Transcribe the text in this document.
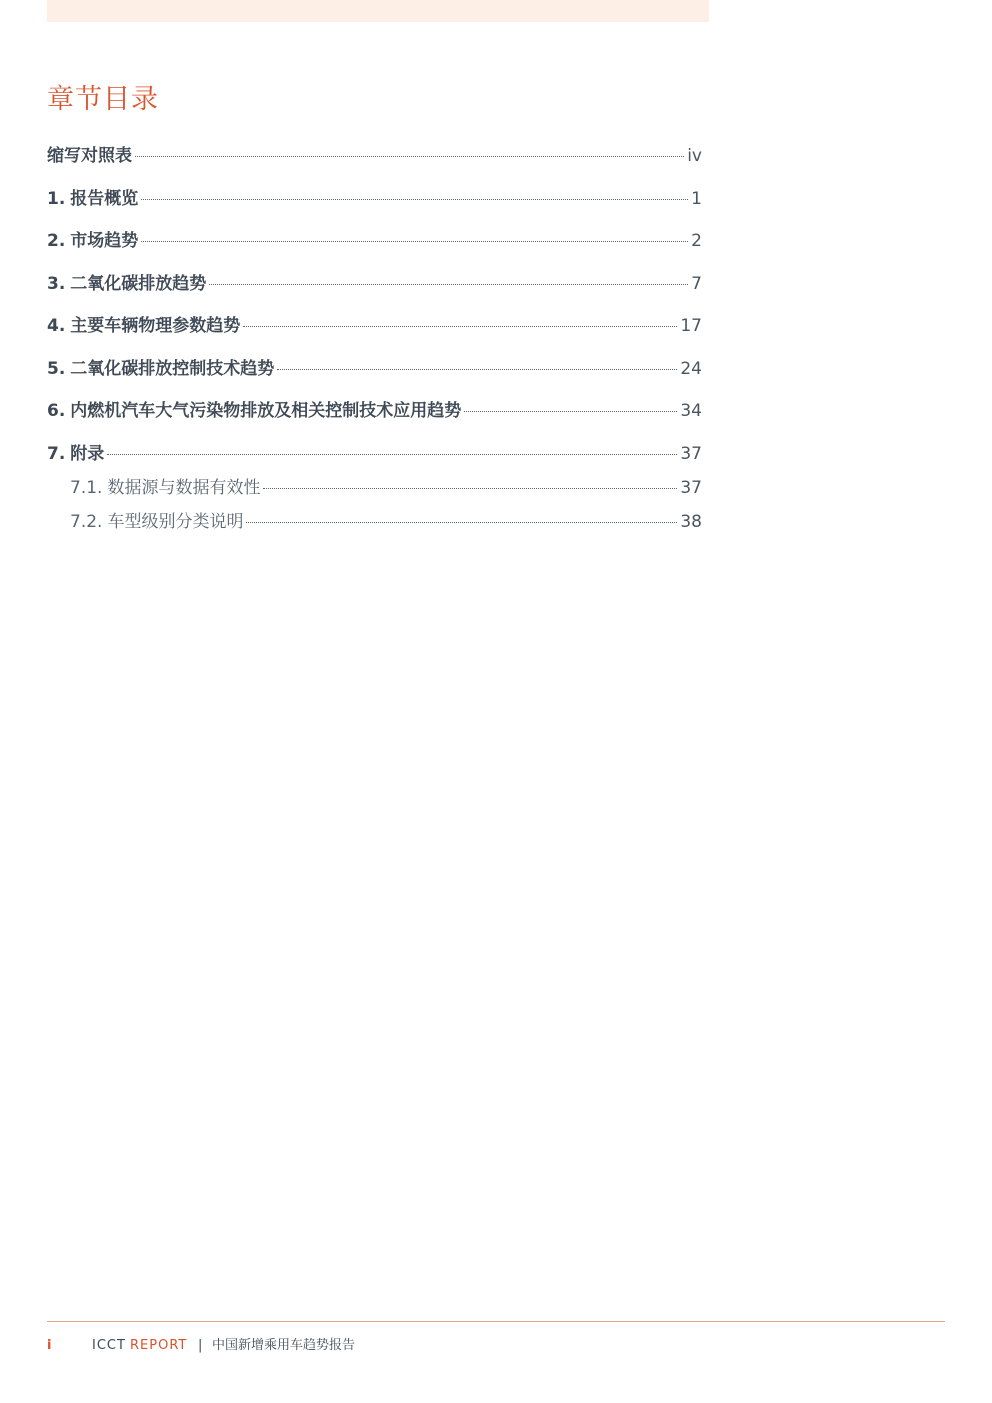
章节目录
缩写对照表	iv
1. 报告概览	1
2. 市场趋势	2
3. 二氧化碳排放趋势	7
4. 主要车辆物理参数趋势	17
5. 二氧化碳排放控制技术趋势	24
6. 内燃机汽车大气污染物排放及相关控制技术应用趋势	34
7. 附录	37
7.1. 数据源与数据有效性	37
7.2. 车型级别分类说明	38
i	ICCT REPORT | 中国新增乘用车趋势报告
